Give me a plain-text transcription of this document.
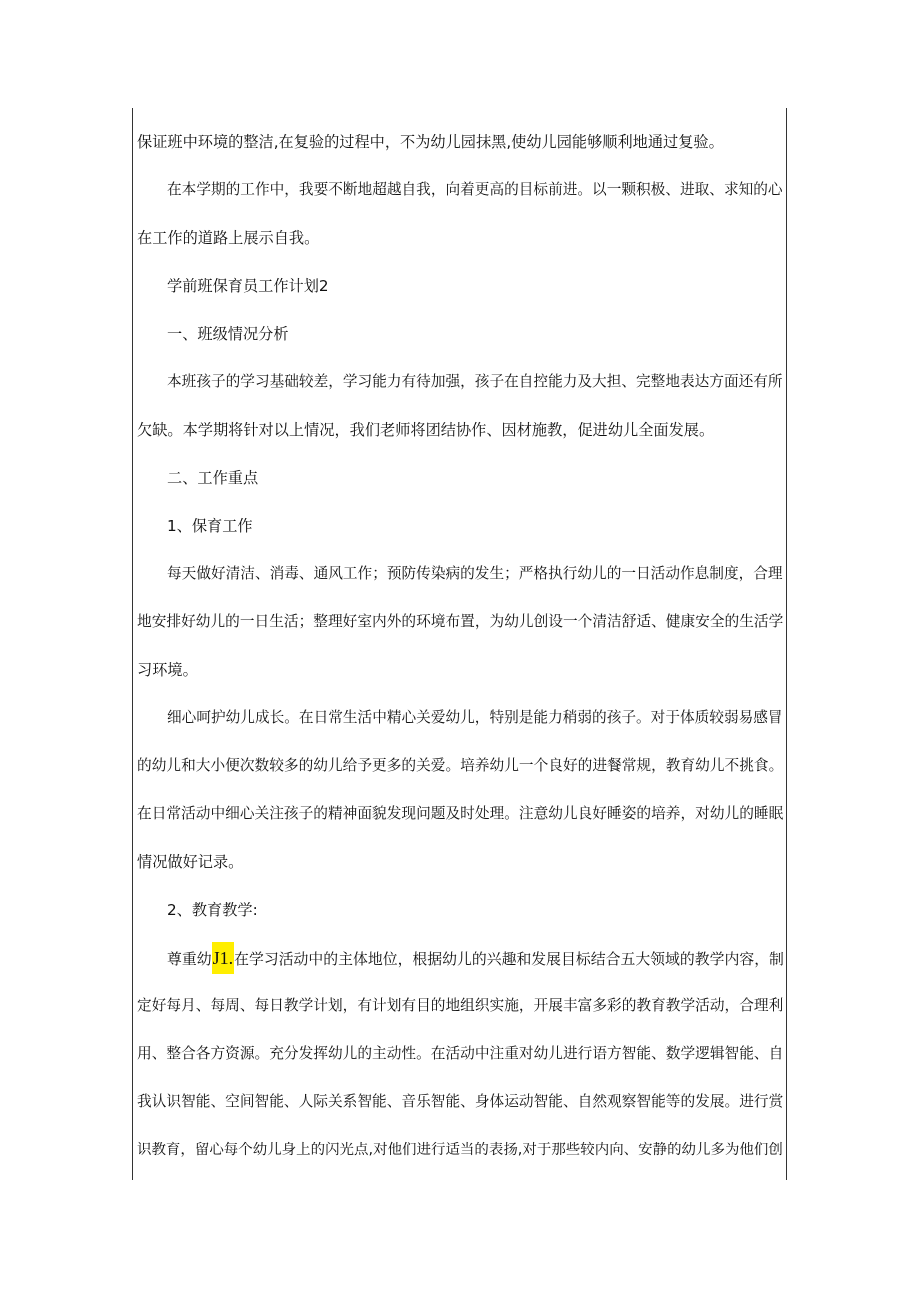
保证班中环境的整洁,在复验的过程中，不为幼儿园抹黑,使幼儿园能够顺利地通过复验。
在本学期的工作中，我要不断地超越自我，向着更高的目标前进。以一颗积极、进取、求知的心
在工作的道路上展示自我。
学前班保育员工作计划2
一、班级情况分析
本班孩子的学习基础较差，学习能力有待加强，孩子在自控能力及大担、完整地表达方面还有所
欠缺。本学期将针对以上情况，我们老师将团结协作、因材施教，促进幼儿全面发展。
二、工作重点
1、保育工作
每天做好清洁、消毒、通风工作；预防传染病的发生；严格执行幼儿的一日活动作息制度，合理
地安排好幼儿的一日生活；整理好室内外的环境布置，为幼儿创设一个清洁舒适、健康安全的生活学
习环境。
细心呵护幼儿成长。在日常生活中精心关爱幼儿，特别是能力稍弱的孩子。对于体质较弱易感冒
的幼儿和大小便次数较多的幼儿给予更多的关爱。培养幼儿一个良好的进餐常规，教育幼儿不挑食。
在日常活动中细心关注孩子的精神面貌发现问题及时处理。注意幼儿良好睡姿的培养，对幼儿的睡眠
情况做好记录。
2、教育教学:
尊重幼J1.在学习活动中的主体地位，根据幼儿的兴趣和发展目标结合五大领域的教学内容，制
定好每月、每周、每日教学计划，有计划有目的地组织实施，开展丰富多彩的教育教学活动，合理利
用、整合各方资源。充分发挥幼儿的主动性。在活动中注重对幼儿进行语方智能、数学逻辑智能、自
我认识智能、空间智能、人际关系智能、音乐智能、身体运动智能、自然观察智能等的发展。进行赏
识教育，留心每个幼儿身上的闪光点,对他们进行适当的表扬,对于那些较内向、安静的幼儿多为他们创
